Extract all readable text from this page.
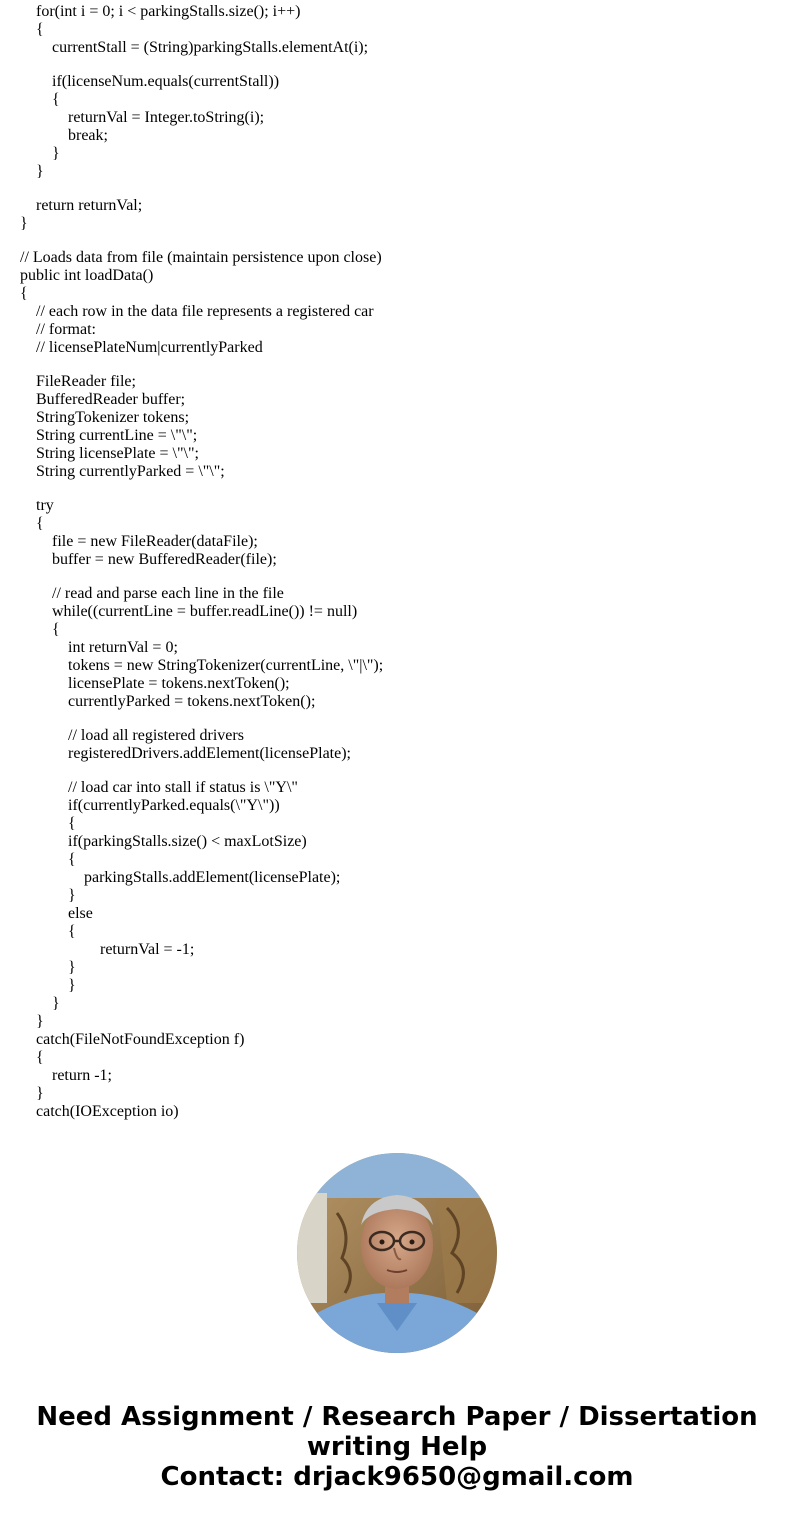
for(int i = 0; i < parkingStalls.size(); i++)
{
currentStall = (String)parkingStalls.elementAt(i);
if(licenseNum.equals(currentStall))
{
returnVal = Integer.toString(i);
break;
}
}
return returnVal;
}
// Loads data from file (maintain persistence upon close)
public int loadData()
{
// each row in the data file represents a registered car
// format:
// licensePlateNum|currentlyParked
FileReader file;
BufferedReader buffer;
StringTokenizer tokens;
String currentLine = \"\";
String licensePlate = \"\";
String currentlyParked = \"\";
try
{
file = new FileReader(dataFile);
buffer = new BufferedReader(file);
// read and parse each line in the file
while((currentLine = buffer.readLine()) != null)
{
int returnVal = 0;
tokens = new StringTokenizer(currentLine, \"|\");
licensePlate = tokens.nextToken();
currentlyParked = tokens.nextToken();
// load all registered drivers
registeredDrivers.addElement(licensePlate);
// load car into stall if status is \"Y\"
if(currentlyParked.equals(\"Y\"))
{
if(parkingStalls.size() < maxLotSize)
{
parkingStalls.addElement(licensePlate);
}
else
{
returnVal = -1;
}
}
}
}
catch(FileNotFoundException f)
{
return -1;
}
catch(IOException io)
Need Assignment / Research Paper / Dissertation
writing Help
Contact: drjack9650@gmail.com
